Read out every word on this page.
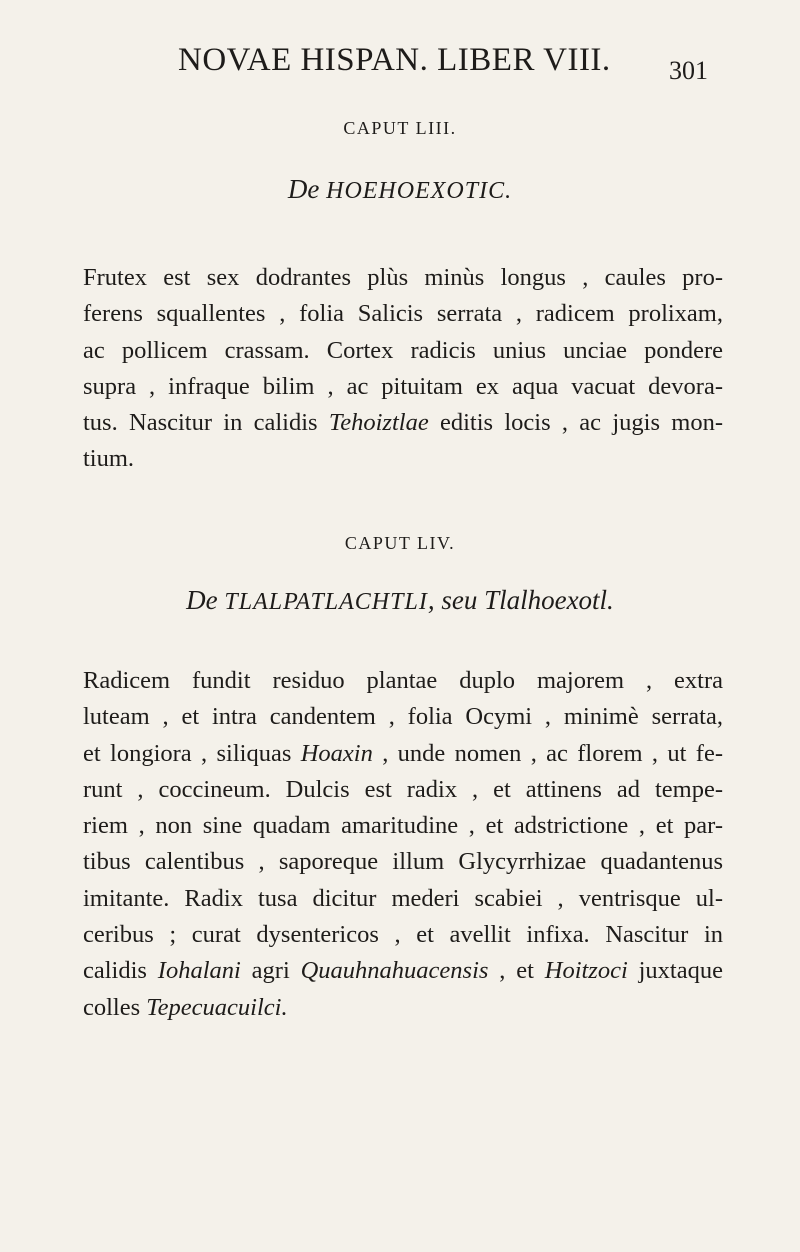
NOVAE HISPAN. LIBER VIII. 301
CAPUT LIII.
De HOEHOEXOTIC.
Frutex est sex dodrantes plùs minùs longus , caules pro-
ferens squallentes , folia Salicis serrata , radicem prolixam,
ac pollicem crassam. Cortex radicis unius unciae pondere
supra , infraque bilim , ac pituitam ex aqua vacuat devora-
tus. Nascitur in calidis Tehoiztlae editis locis , ac jugis mon-
tium.
CAPUT LIV.
De TLALPATLACHTLI, seu Tlalhoexotl.
Radicem fundit residuo plantae duplo majorem , extra
luteam , et intra candentem , folia Ocymi , minimè serrata,
et longiora , siliquas Hoaxin , unde nomen , ac florem , ut fe-
runt , coccineum. Dulcis est radix , et attinens ad tempe-
riem , non sine quadam amaritudine , et adstrictione , et par-
tibus calentibus , saporeque illum Glycyrrhizae quadantenus
imitante. Radix tusa dicitur mederi scabiei , ventrisque ul-
ceribus ; curat dysentericos , et avellit infixa. Nascitur in
calidis Iohalani agri Quauhnahuacensis , et Hoitzoci juxtaque
colles Tepecuacuilci.
